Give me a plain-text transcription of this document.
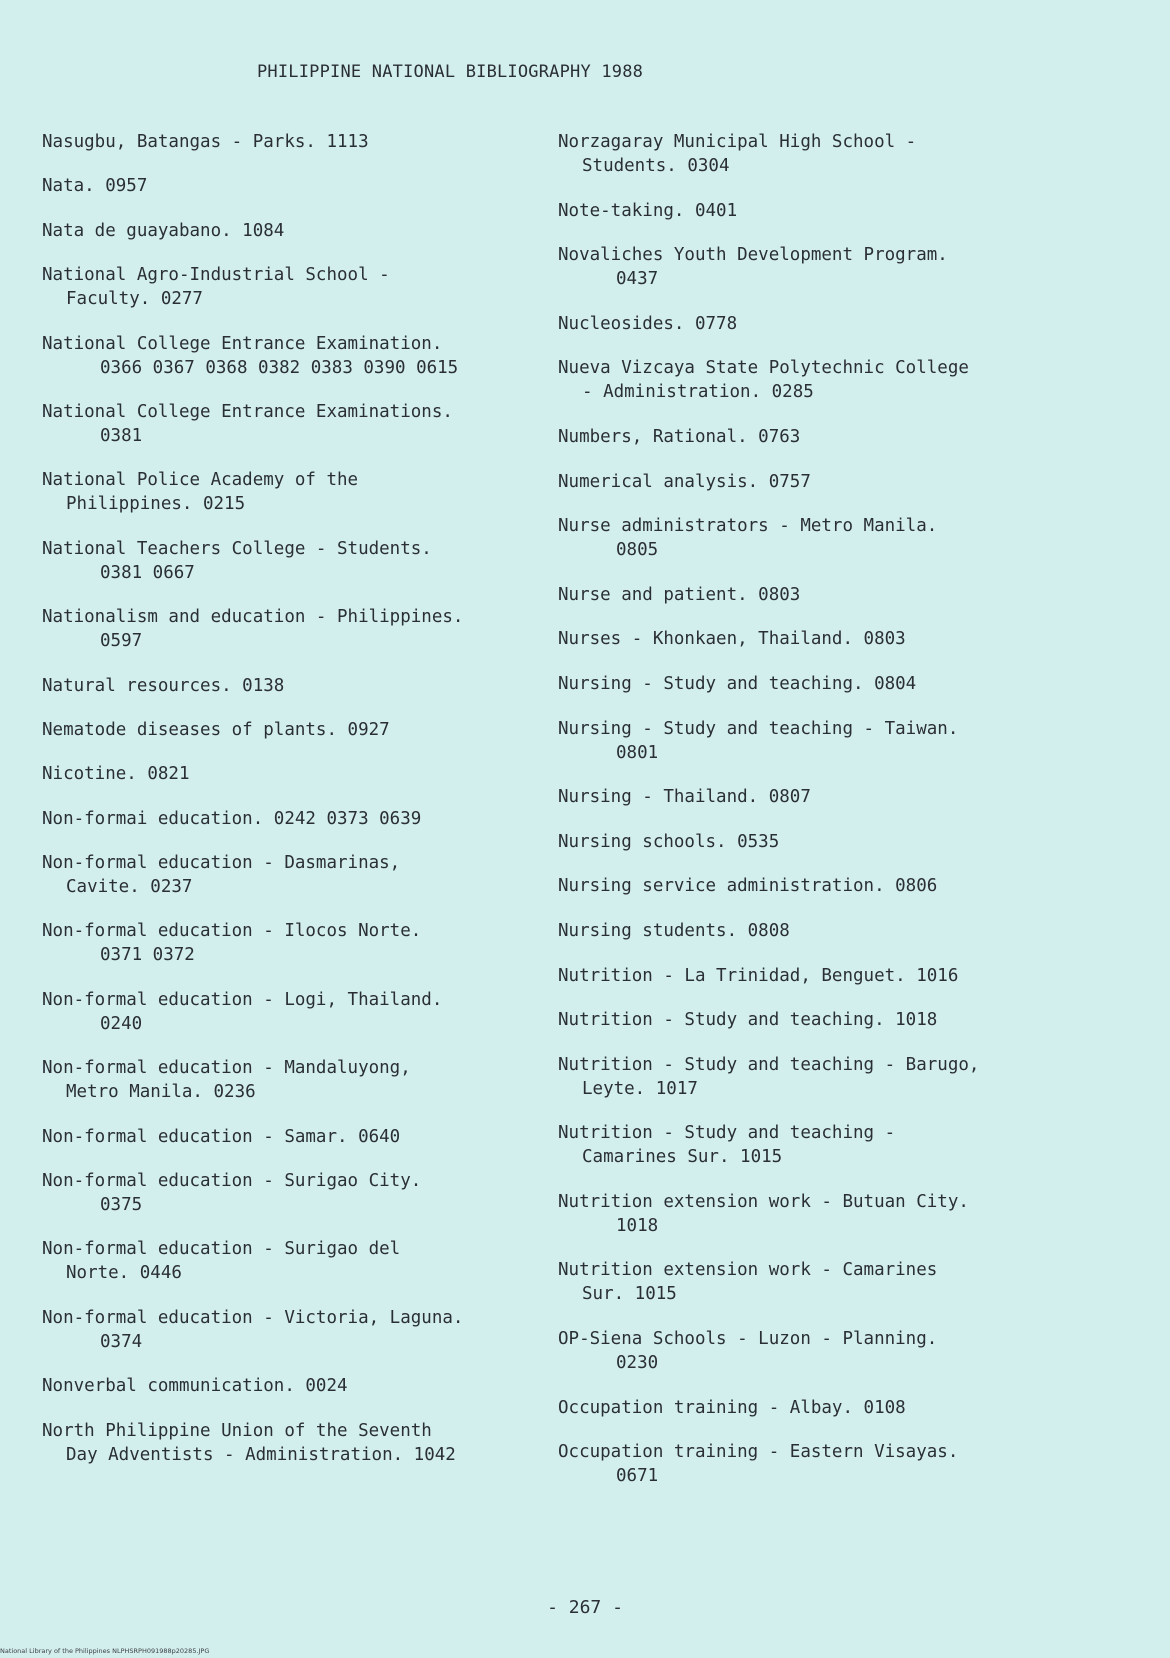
PHILIPPINE NATIONAL BIBLIOGRAPHY 1988
Nasugbu, Batangas - Parks. 1113
Nata. 0957
Nata de guayabano. 1084
National Agro-Industrial School -
Faculty. 0277
National College Entrance Examination.
0366 0367 0368 0382 0383 0390 0615
National College Entrance Examinations.
0381
National Police Academy of the
Philippines. 0215
National Teachers College - Students.
0381 0667
Nationalism and education - Philippines.
0597
Natural resources. 0138
Nematode diseases of plants. 0927
Nicotine. 0821
Non-formai education. 0242 0373 0639
Non-formal education - Dasmarinas,
Cavite. 0237
Non-formal education - Ilocos Norte.
0371 0372
Non-formal education - Logi, Thailand.
0240
Non-formal education - Mandaluyong,
Metro Manila. 0236
Non-formal education - Samar. 0640
Non-formal education - Surigao City.
0375
Non-formal education - Surigao del
Norte. 0446
Non-formal education - Victoria, Laguna.
0374
Nonverbal communication. 0024
North Philippine Union of the Seventh
Day Adventists - Administration. 1042
Norzagaray Municipal High School -
Students. 0304
Note-taking. 0401
Novaliches Youth Development Program.
0437
Nucleosides. 0778
Nueva Vizcaya State Polytechnic College
- Administration. 0285
Numbers, Rational. 0763
Numerical analysis. 0757
Nurse administrators - Metro Manila.
0805
Nurse and patient. 0803
Nurses - Khonkaen, Thailand. 0803
Nursing - Study and teaching. 0804
Nursing - Study and teaching - Taiwan.
0801
Nursing - Thailand. 0807
Nursing schools. 0535
Nursing service administration. 0806
Nursing students. 0808
Nutrition - La Trinidad, Benguet. 1016
Nutrition - Study and teaching. 1018
Nutrition - Study and teaching - Barugo,
Leyte. 1017
Nutrition - Study and teaching -
Camarines Sur. 1015
Nutrition extension work - Butuan City.
1018
Nutrition extension work - Camarines
Sur. 1015
OP-Siena Schools - Luzon - Planning.
0230
Occupation training - Albay. 0108
Occupation training - Eastern Visayas.
0671
- 267 -
National Library of the Philippines NLPHSRPH091988p20285.JPG
